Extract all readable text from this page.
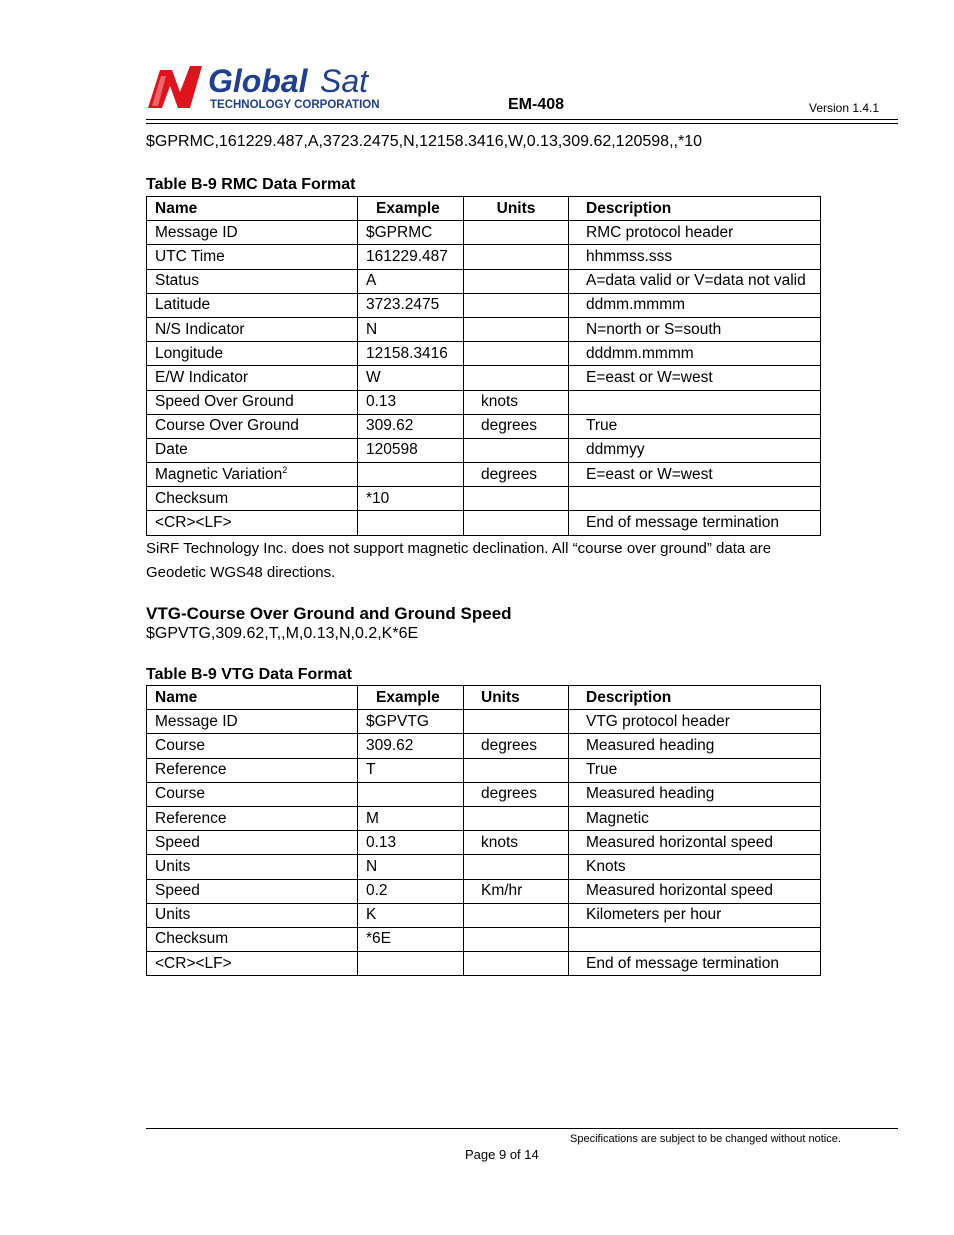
Global Sat
TECHNOLOGY CORPORATION	EM-408	Version 1.4.1
$GPRMC,161229.487,A,3723.2475,N,12158.3416,W,0.13,309.62,120598,,*10
Table B-9 RMC Data Format
Name	Example	Units	Description
Message ID	$GPRMC		RMC protocol header
UTC Time	161229.487		hhmmss.sss
Status	A		A=data valid or V=data not valid
Latitude	3723.2475		ddmm.mmmm
N/S Indicator	N		N=north or S=south
Longitude	12158.3416		dddmm.mmmm
E/W Indicator	W		E=east or W=west
Speed Over Ground	0.13	knots	
Course Over Ground	309.62	degrees	True
Date	120598		ddmmyy
Magnetic Variation$^2$		degrees	E=east or W=west
Checksum	*10		
<CR><LF>			End of message termination
SiRF Technology Inc. does not support magnetic declination. All “course over ground” data are
Geodetic WGS48 directions.
VTG-Course Over Ground and Ground Speed
$GPVTG,309.62,T,,M,0.13,N,0.2,K*6E
Table B-9 VTG Data Format
Name	Example	Units	Description
Message ID	$GPVTG		VTG protocol header
Course	309.62	degrees	Measured heading
Reference	T		True
Course		degrees	Measured heading
Reference	M		Magnetic
Speed	0.13	knots	Measured horizontal speed
Units	N		Knots
Speed	0.2	Km/hr	Measured horizontal speed
Units	K		Kilometers per hour
Checksum	*6E		
<CR><LF>			End of message termination
Specifications are subject to be changed without notice.
Page 9 of 14
